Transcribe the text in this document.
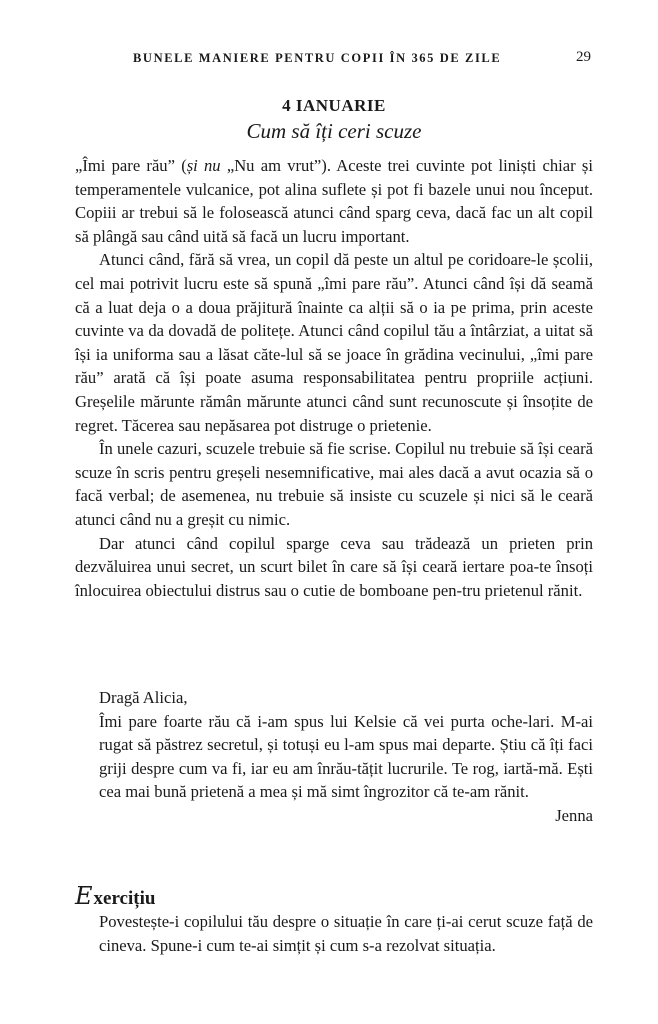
BUNELE MANIERE PENTRU COPII ÎN 365 DE ZILE	29
4 IANUARIE
Cum să îți ceri scuze

„Îmi pare rău” (și nu „Nu am vrut”). Aceste trei cuvinte pot liniști chiar și temperamentele vulcanice, pot alina suflete și pot fi bazele unui nou început. Copiii ar trebui să le folosească atunci când sparg ceva, dacă fac un alt copil să plângă sau când uită să facă un lucru important.

Atunci când, fără să vrea, un copil dă peste un altul pe coridoare-le școlii, cel mai potrivit lucru este să spună „îmi pare rău”. Atunci când își dă seamă că a luat deja o a doua prăjitură înainte ca alții să o ia pe prima, prin aceste cuvinte va da dovadă de politețe. Atunci când copilul tău a întârziat, a uitat să își ia uniforma sau a lăsat căte-lul să se joace în grădina vecinului, „îmi pare rău” arată că își poate asuma responsabilitatea pentru propriile acțiuni. Greșelile mărunte rămân mărunte atunci când sunt recunoscute și însoțite de regret. Tăcerea sau nepăsarea pot distruge o prietenie.

În unele cazuri, scuzele trebuie să fie scrise. Copilul nu trebuie să își ceară scuze în scris pentru greșeli nesemnificative, mai ales dacă a avut ocazia să o facă verbal; de asemenea, nu trebuie să insiste cu scuzele și nici să le ceară atunci când nu a greșit cu nimic.

Dar atunci când copilul sparge ceva sau trădează un prieten prin dezvăluirea unui secret, un scurt bilet în care să își ceară iertare poa-te însoți înlocuirea obiectului distrus sau o cutie de bomboane pen-tru prietenul rănit.

Dragă Alicia,

Îmi pare foarte rău că i-am spus lui Kelsie că vei purta oche-lari. M-ai rugat să păstrez secretul, și totuși eu l-am spus mai departe. Știu că îți faci griji despre cum va fi, iar eu am înrău-tățit lucrurile. Te rog, iartă-mă. Ești cea mai bună prietenă a mea și mă simt îngrozitor că te-am rănit.

Jenna

E xercițiu

Povestește-i copilului tău despre o situație în care ți-ai cerut scuze față de cineva. Spune-i cum te-ai simțit și cum s-a rezolvat situația.
